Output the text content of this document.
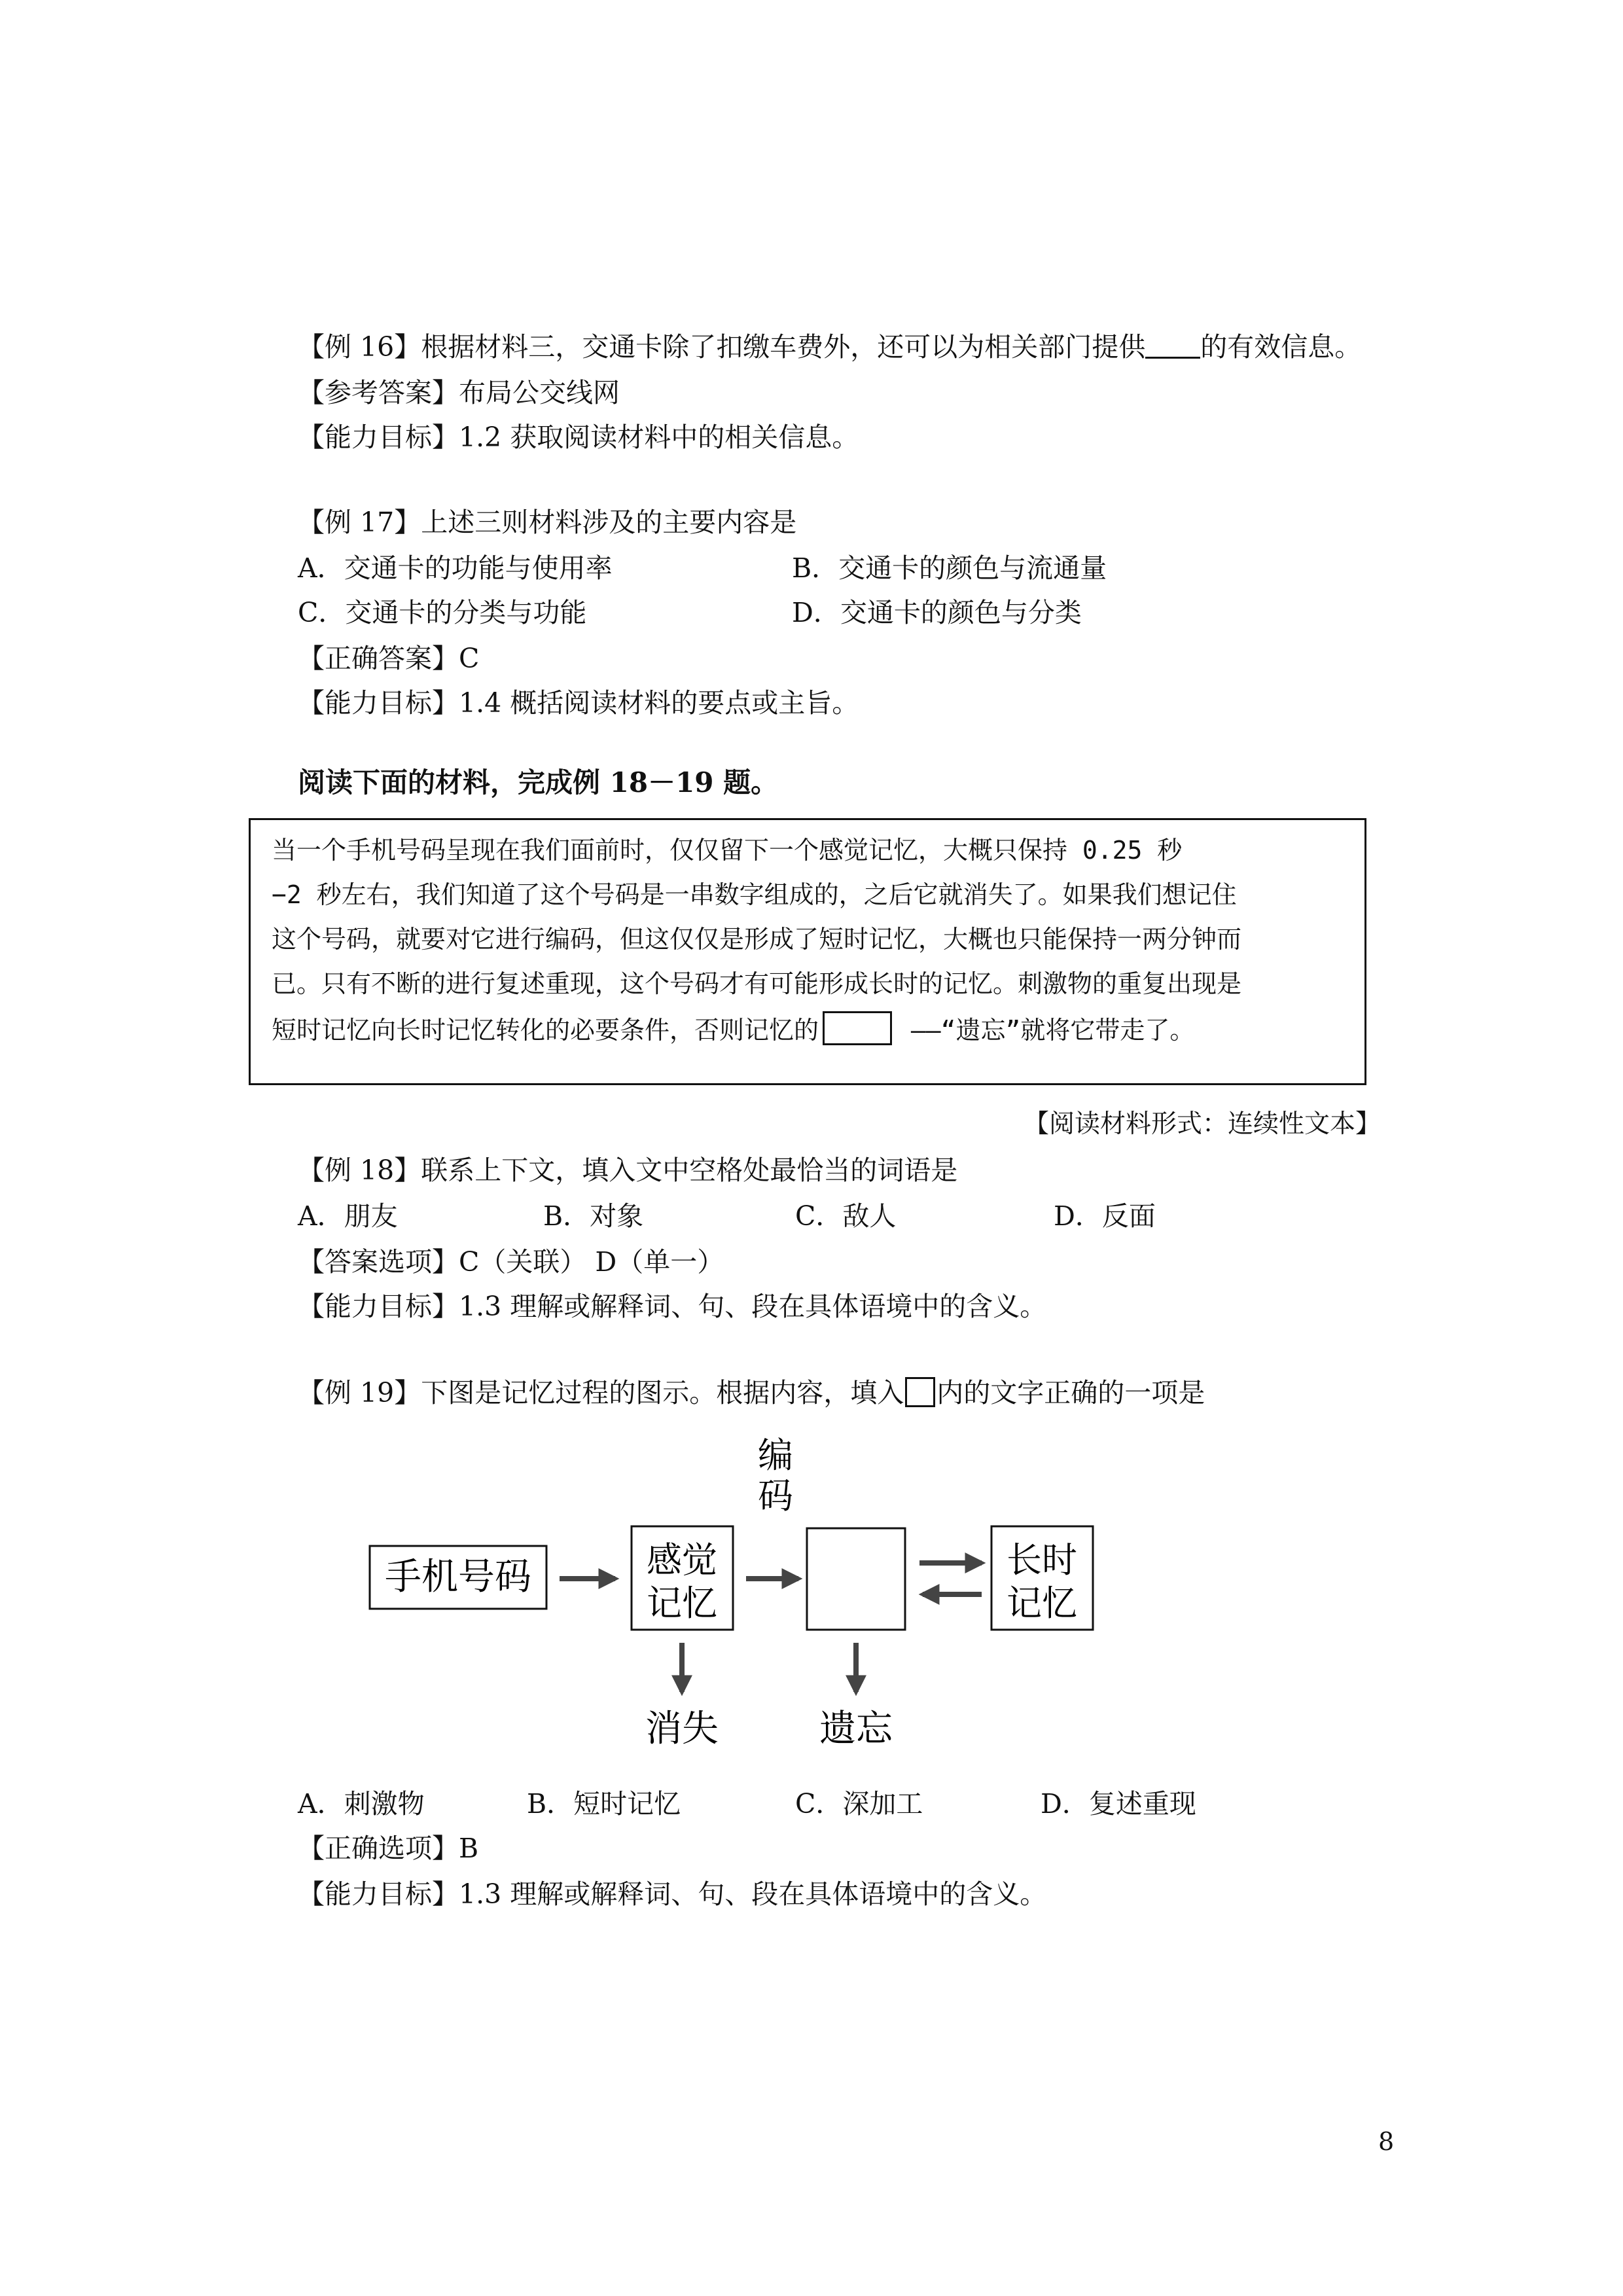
【例 16】根据材料三，交通卡除了扣缴车费外，还可以为相关部门提供 的有效信息。
【参考答案】布局公交线网
【能力目标】1.2 获取阅读材料中的相关信息。
【例 17】上述三则材料涉及的主要内容是
A．交通卡的功能与使用率	B．交通卡的颜色与流通量
C．交通卡的分类与功能	D．交通卡的颜色与分类
【正确答案】C
【能力目标】1.4 概括阅读材料的要点或主旨。
阅读下面的材料，完成例 18－19 题。
当一个手机号码呈现在我们面前时，仅仅留下一个感觉记忆，大概只保持 0.25 秒
−2 秒左右，我们知道了这个号码是一串数字组成的，之后它就消失了。如果我们想记住
这个号码，就要对它进行编码，但这仅仅是形成了短时记忆，大概也只能保持一两分钟而
已。只有不断的进行复述重现，这个号码才有可能形成长时的记忆。刺激物的重复出现是
短时记忆向长时记忆转化的必要条件，否则记忆的	——“遗忘”就将它带走了。
【阅读材料形式：连续性文本】
【例 18】联系上下文，填入文中空格处最恰当的词语是
A．朋友	B．对象	C．敌人	D．反面
【答案选项】C（关联） D（单一）
【能力目标】1.3 理解或解释词、句、段在具体语境中的含义。
【例 19】下图是记忆过程的图示。根据内容，填入 内的文字正确的一项是
手机号码	感觉
记忆
编
码
长时
记忆
消失	遗忘
A．刺激物	B．短时记忆	C．深加工	D．复述重现
【正确选项】B
【能力目标】1.3 理解或解释词、句、段在具体语境中的含义。
8
